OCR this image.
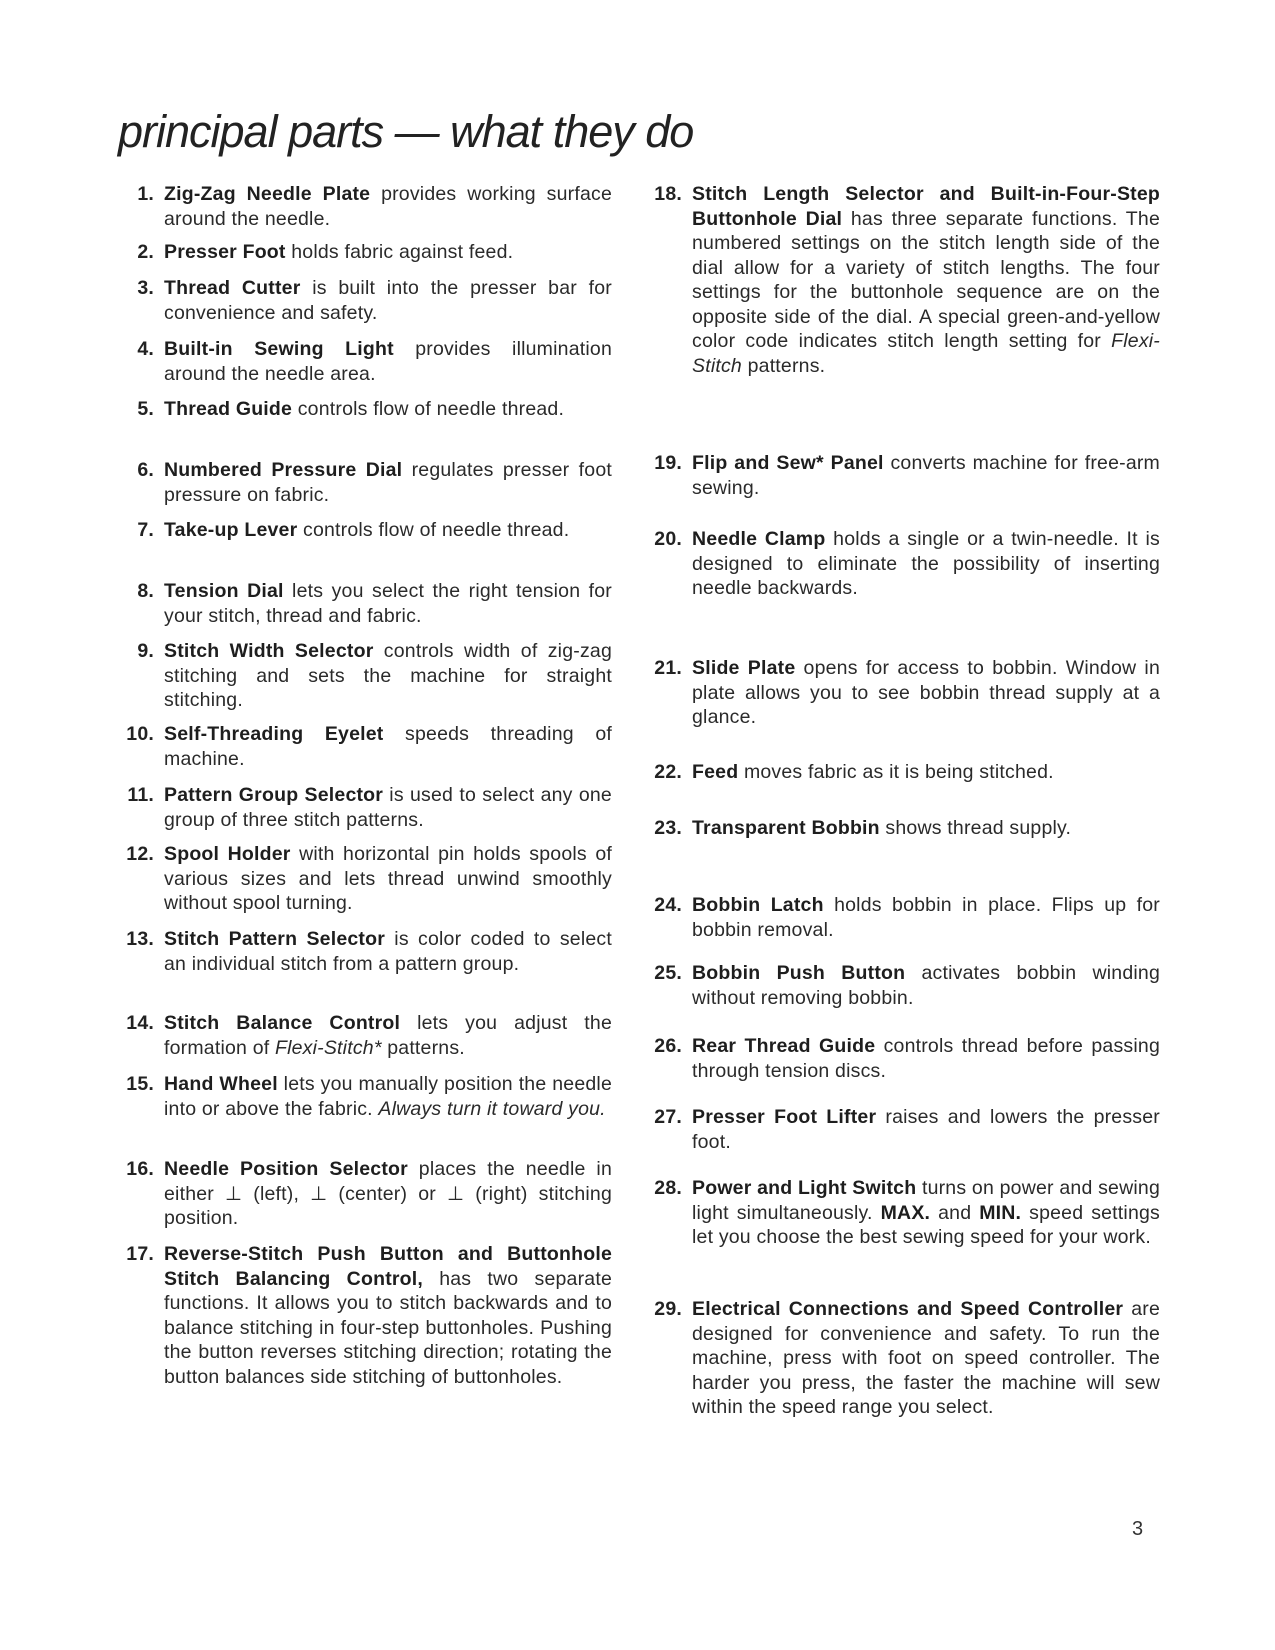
principal parts — what they do
1. Zig-Zag Needle Plate provides working surface around the needle.
2. Presser Foot holds fabric against feed.
3. Thread Cutter is built into the presser bar for convenience and safety.
4. Built-in Sewing Light provides illumination around the needle area.
5. Thread Guide controls flow of needle thread.
6. Numbered Pressure Dial regulates presser foot pressure on fabric.
7. Take-up Lever controls flow of needle thread.
8. Tension Dial lets you select the right tension for your stitch, thread and fabric.
9. Stitch Width Selector controls width of zig-zag stitching and sets the machine for straight stitching.
10. Self-Threading Eyelet speeds threading of machine.
11. Pattern Group Selector is used to select any one group of three stitch patterns.
12. Spool Holder with horizontal pin holds spools of various sizes and lets thread unwind smoothly without spool turning.
13. Stitch Pattern Selector is color coded to select an individual stitch from a pattern group.
14. Stitch Balance Control lets you adjust the formation of Flexi-Stitch* patterns.
15. Hand Wheel lets you manually position the needle into or above the fabric. Always turn it toward you.
16. Needle Position Selector places the needle in either ⊥ (left), ⊥ (center) or ⊥ (right) stitching position.
17. Reverse-Stitch Push Button and Buttonhole Stitch Balancing Control, has two separate functions. It allows you to stitch backwards and to balance stitching in four-step buttonholes. Pushing the button reverses stitching direction; rotating the button balances side stitching of buttonholes.
18. Stitch Length Selector and Built-in-Four-Step Buttonhole Dial has three separate functions. The numbered settings on the stitch length side of the dial allow for a variety of stitch lengths. The four settings for the buttonhole sequence are on the opposite side of the dial. A special green-and-yellow color code indicates stitch length setting for Flexi-Stitch patterns.
19. Flip and Sew* Panel converts machine for free-arm sewing.
20. Needle Clamp holds a single or a twin-needle. It is designed to eliminate the possibility of inserting needle backwards.
21. Slide Plate opens for access to bobbin. Window in plate allows you to see bobbin thread supply at a glance.
22. Feed moves fabric as it is being stitched.
23. Transparent Bobbin shows thread supply.
24. Bobbin Latch holds bobbin in place. Flips up for bobbin removal.
25. Bobbin Push Button activates bobbin winding without removing bobbin.
26. Rear Thread Guide controls thread before passing through tension discs.
27. Presser Foot Lifter raises and lowers the presser foot.
28. Power and Light Switch turns on power and sewing light simultaneously. MAX. and MIN. speed settings let you choose the best sewing speed for your work.
29. Electrical Connections and Speed Controller are designed for convenience and safety. To run the machine, press with foot on speed controller. The harder you press, the faster the machine will sew within the speed range you select.
3
